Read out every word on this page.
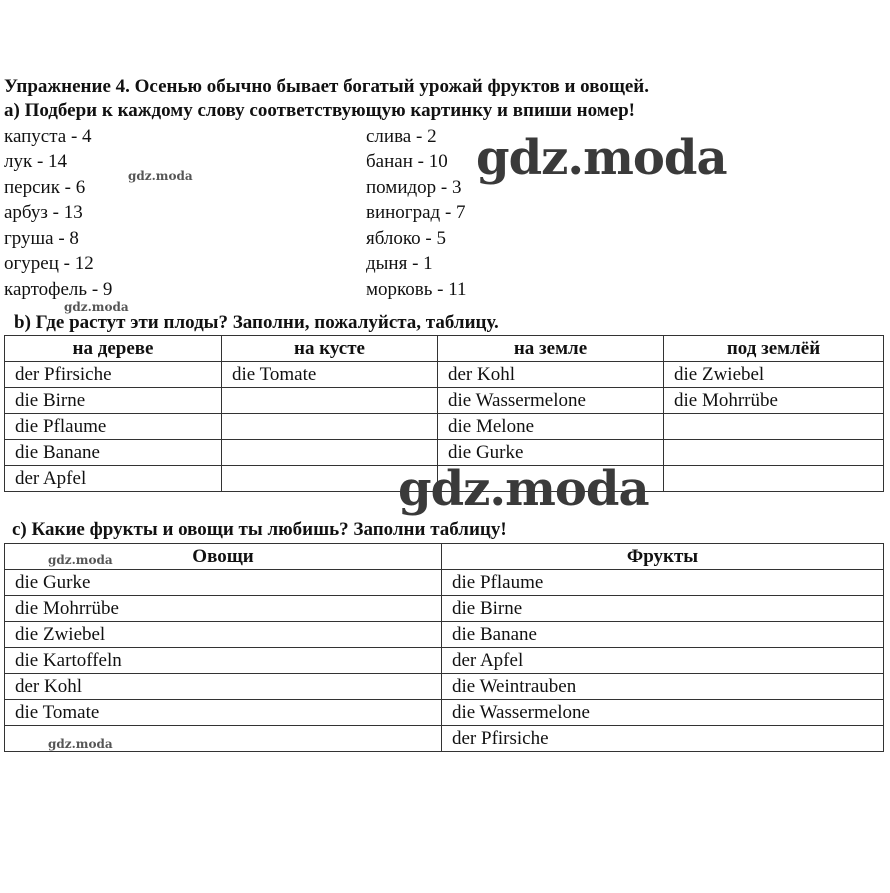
Упражнение 4. Осенью обычно бывает богатый урожай фруктов и овощей.
а) Подбери к каждому слову соответствующую картинку и впиши номер!
капуста - 4
лук - 14
персик - 6
арбуз - 13
груша - 8
огурец - 12
картофель - 9
слива - 2
банан - 10
помидор - 3
виноград - 7
яблоко - 5
дыня - 1
морковь - 11
b) Где растут эти плоды? Заполни, пожалуйста, таблицу.
на дереве	на кусте	на земле	под землёй
der Pfirsiche	die Tomate	der Kohl	die Zwiebel
die Birne		die Wassermelone	die Mohrrübe
die Pflaume		die Melone	
die Banane		die Gurke	
der Apfel			
c) Какие фрукты и овощи ты любишь? Заполни таблицу!
Овощи	Фрукты
die Gurke	die Pflaume
die Mohrrübe	die Birne
die Zwiebel	die Banane
die Kartoffeln	der Apfel
der Kohl	die Weintrauben
die Tomate	die Wassermelone
	der Pfirsiche
gdz.moda
gdz.moda
gdz.moda
gdz.moda
gdz.moda
gdz.moda
